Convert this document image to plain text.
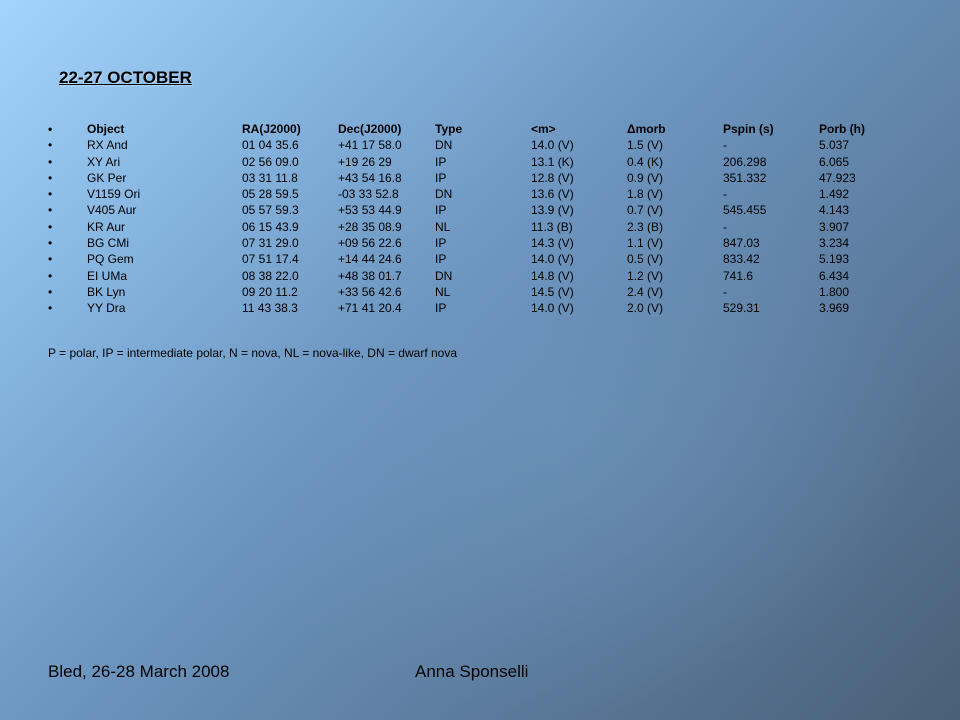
22-27 OCTOBER
•	Object	RA(J2000)	Dec(J2000)	Type	<m>	Δmorb	Pspin (s)	Porb (h)
•	RX And	01 04 35.6	+41 17 58.0	DN	14.0 (V)	1.5 (V)	-	5.037
•	XY Ari	02 56 09.0	+19 26 29	IP	13.1 (K)	0.4 (K)	206.298	6.065
•	GK Per	03 31 11.8	+43 54 16.8	IP	12.8 (V)	0.9 (V)	351.332	47.923
•	V1159 Ori	05 28 59.5	-03 33 52.8	DN	13.6 (V)	1.8 (V)	-	1.492
•	V405 Aur	05 57 59.3	+53 53 44.9	IP	13.9 (V)	0.7 (V)	545.455	4.143
•	KR Aur	06 15 43.9	+28 35 08.9	NL	11.3 (B)	2.3 (B)	-	3.907
•	BG CMi	07 31 29.0	+09 56 22.6	IP	14.3 (V)	1.1 (V)	847.03	3.234
•	PQ Gem	07 51 17.4	+14 44 24.6	IP	14.0 (V)	0.5 (V)	833.42	5.193
•	EI UMa	08 38 22.0	+48 38 01.7	DN	14.8 (V)	1.2 (V)	741.6	6.434
•	BK Lyn	09 20 11.2	+33 56 42.6	NL	14.5 (V)	2.4 (V)	-	1.800
•	YY Dra	11 43 38.3	+71 41 20.4	IP	14.0 (V)	2.0 (V)	529.31	3.969
P = polar, IP = intermediate polar, N = nova, NL = nova-like, DN = dwarf nova
Bled, 26-28 March 2008	Anna Sponselli
